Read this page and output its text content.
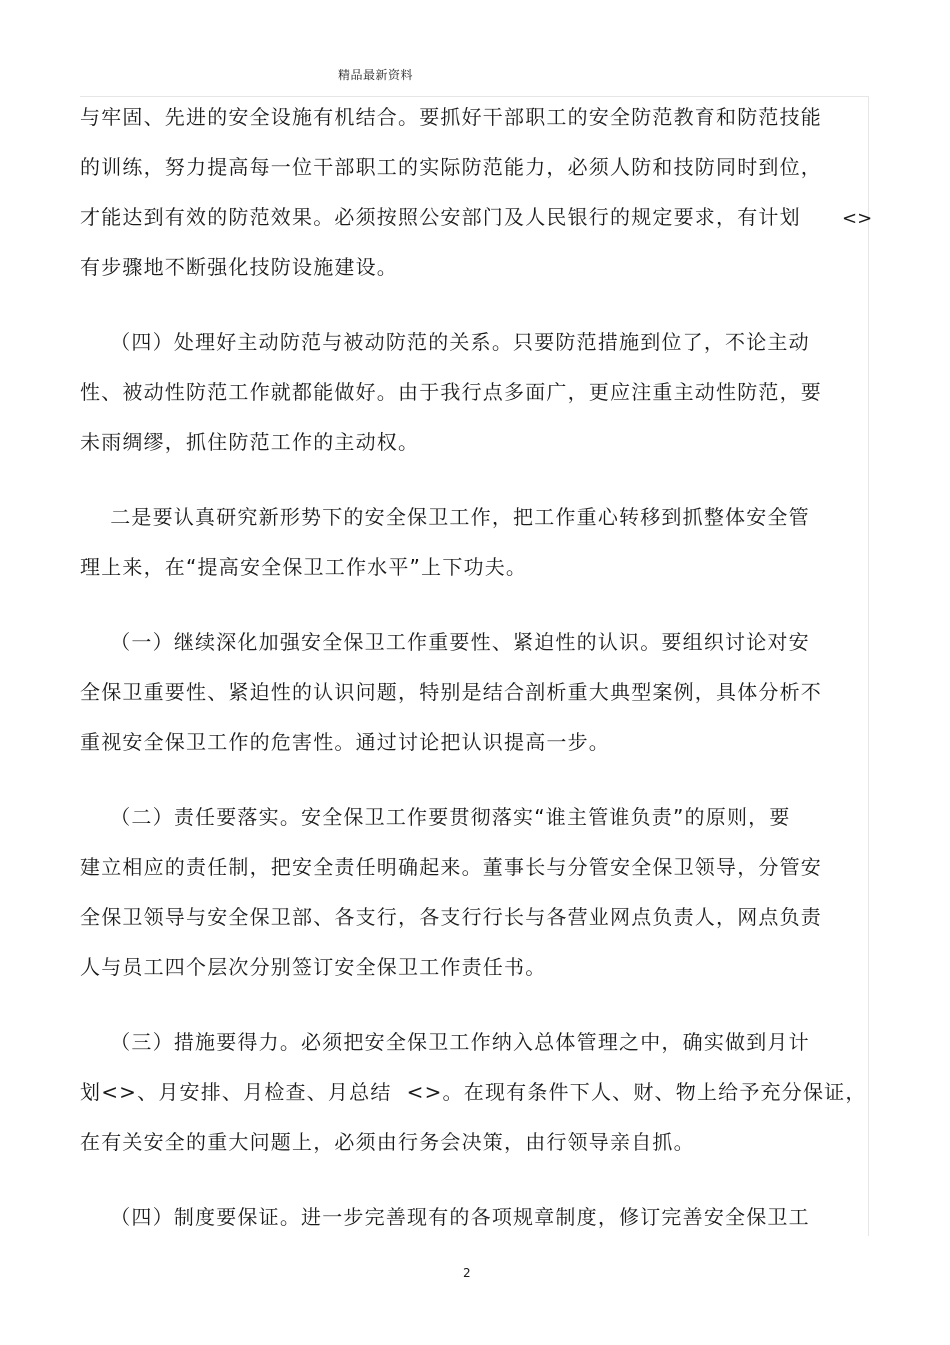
精品最新资料
<>
与牢固、先进的安全设施有机结合。要抓好干部职工的安全防范教育和防范技能
的训练，努力提高每一位干部职工的实际防范能力，必须人防和技防同时到位，
才能达到有效的防范效果。必须按照公安部门及人民银行的规定要求，有计划
有步骤地不断强化技防设施建设。
（四）处理好主动防范与被动防范的关系。只要防范措施到位了，不论主动
性、被动性防范工作就都能做好。由于我行点多面广，更应注重主动性防范，要
未雨绸缪，抓住防范工作的主动权。
二是要认真研究新形势下的安全保卫工作，把工作重心转移到抓整体安全管
理上来，在“提高安全保卫工作水平”上下功夫。
（一）继续深化加强安全保卫工作重要性、紧迫性的认识。要组织讨论对安
全保卫重要性、紧迫性的认识问题，特别是结合剖析重大典型案例，具体分析不
重视安全保卫工作的危害性。通过讨论把认识提高一步。
（二）责任要落实。安全保卫工作要贯彻落实“谁主管谁负责”的原则，要
建立相应的责任制，把安全责任明确起来。董事长与分管安全保卫领导，分管安
全保卫领导与安全保卫部、各支行，各支行行长与各营业网点负责人，网点负责
人与员工四个层次分别签订安全保卫工作责任书。
（三）措施要得力。必须把安全保卫工作纳入总体管理之中，确实做到月计
划<>、月安排、月检查、月总结  <>。在现有条件下人、财、物上给予充分保证，
在有关安全的重大问题上，必须由行务会决策，由行领导亲自抓。
（四）制度要保证。进一步完善现有的各项规章制度，修订完善安全保卫工
2
